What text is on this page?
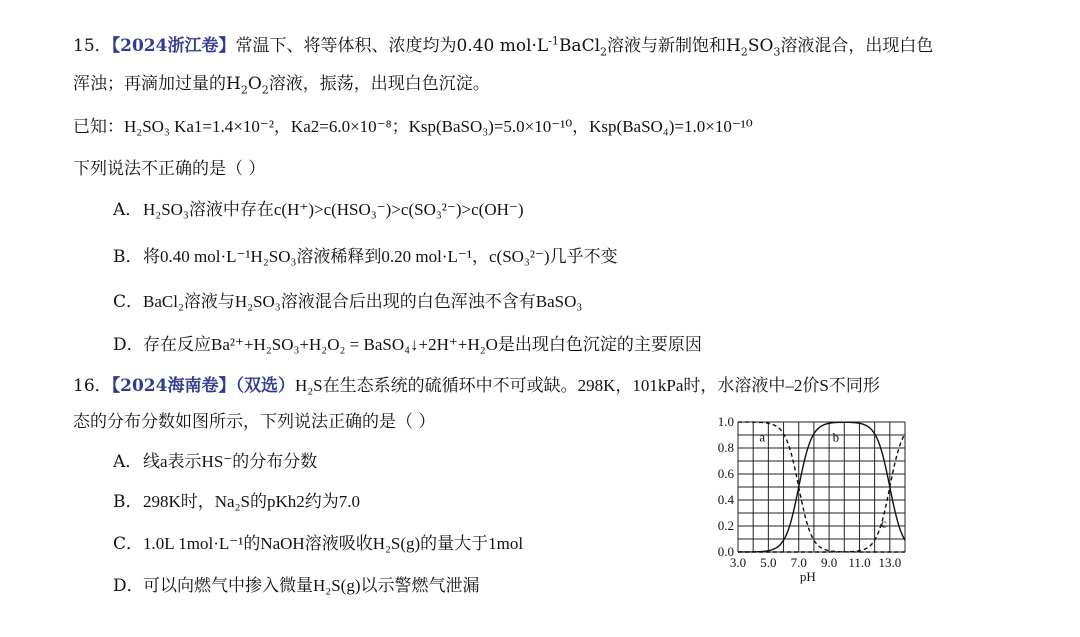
15．【2024浙江卷】常温下、将等体积、浓度均为0.40 $mol\cdot L^{-1}BaCl_2$溶液与新制饱和$H_2SO_3$溶液混合，出现白色
浑浊；再滴加过量的$H_2O_2$溶液，振荡，出现白色沉淀。
已知：H₂SO₃ Ka1=1.4×10⁻²，Ka2=6.0×10⁻⁸；Ksp(BaSO₃)=5.0×10⁻¹⁰，Ksp(BaSO₄)=1.0×10⁻¹⁰
下列说法不正确的是（ ）
A．H₂SO₃溶液中存在c(H⁺)>c(HSO₃⁻)>c(SO₃²⁻)>c(OH⁻)
B．将0.40 mol·L⁻¹H₂SO₃溶液稀释到0.20 mol·L⁻¹，c(SO₃²⁻)几乎不变
C．BaCl₂溶液与H₂SO₃溶液混合后出现的白色浑浊不含有BaSO₃
D．存在反应Ba²⁺+H₂SO₃+H₂O₂ = BaSO₄↓+2H⁺+H₂O是出现白色沉淀的主要原因
16．【2024海南卷】（双选）H₂S在生态系统的硫循环中不可或缺。298K，101kPa时，水溶液中–2价S不同形
态的分布分数如图所示，下列说法正确的是（ ）
A．线a表示HS⁻的分布分数
B．298K时，Na₂S的pKh2约为7.0
C．1.0L 1mol·L⁻¹的NaOH溶液吸收H₂S(g)的量大于1mol
D．可以向燃气中掺入微量H₂S(g)以示警燃气泄漏
a	b
c
3.0 5.0 7.0 9.0 11.0 13.0
0.0
0.2
0.4
0.6
0.8
1.0
pH
